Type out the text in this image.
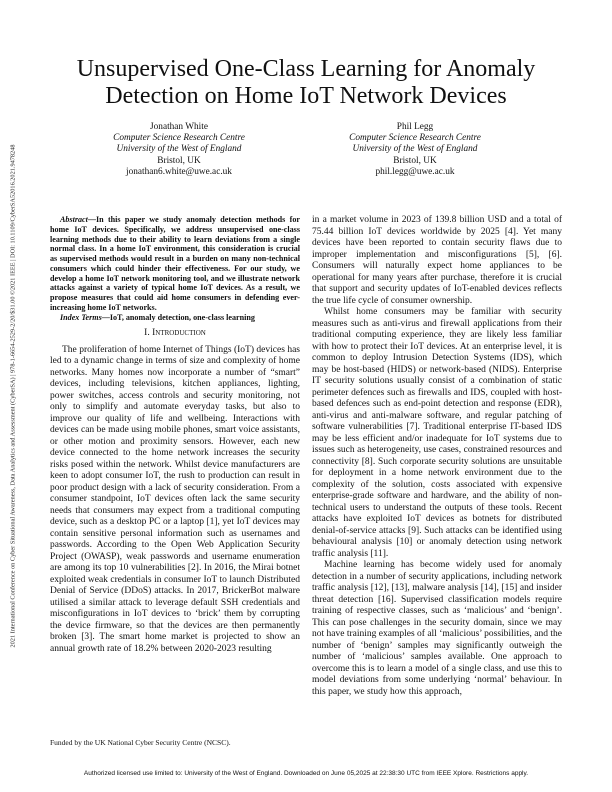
2021 International Conference on Cyber Situational Awareness, Data Analytics and Assessment (CyberSA) | 978-1-6654-2529-2/20/$31.00 ©2021 IEEE | DOI: 10.1109/CyberSA52016.2021.9478248
Unsupervised One-Class Learning for Anomaly
Detection on Home IoT Network Devices
Jonathan White
Computer Science Research Centre
University of the West of England
Bristol, UK
jonathan6.white@uwe.ac.uk
Phil Legg
Computer Science Research Centre
University of the West of England
Bristol, UK
phil.legg@uwe.ac.uk
Abstract—In this paper we study anomaly detection methods for home IoT devices. Specifically, we address unsupervised one-class learning methods due to their ability to learn deviations from a single normal class. In a home IoT environment, this consideration is crucial as supervised methods would result in a burden on many non-technical consumers which could hinder their effectiveness. For our study, we develop a home IoT network monitoring tool, and we illustrate network attacks against a variety of typical home IoT devices. As a result, we propose measures that could aid home consumers in defending ever-increasing home IoT networks.
Index Terms—IoT, anomaly detection, one-class learning
I. Introduction

The proliferation of home Internet of Things (IoT) devices has led to a dynamic change in terms of size and complexity of home networks. Many homes now incorporate a number of “smart” devices, including televisions, kitchen appliances, lighting, power switches, access controls and security monitoring, not only to simplify and automate everyday tasks, but also to improve our quality of life and wellbeing. Interactions with devices can be made using mobile phones, smart voice assistants, or other motion and proximity sensors. However, each new device connected to the home network increases the security risks posed within the network. Whilst device manufacturers are keen to adopt consumer IoT, the rush to production can result in poor product design with a lack of security consideration. From a consumer standpoint, IoT devices often lack the same security needs that consumers may expect from a traditional computing device, such as a desktop PC or a laptop [1], yet IoT devices may contain sensitive personal information such as usernames and passwords. According to the Open Web Application Security Project (OWASP), weak passwords and username enumeration are among its top 10 vulnerabilities [2]. In 2016, the Mirai botnet exploited weak credentials in consumer IoT to launch Distributed Denial of Service (DDoS) attacks. In 2017, BrickerBot malware utilised a similar attack to leverage default SSH credentials and misconfigurations in IoT devices to ‘brick’ them by corrupting the device firmware, so that the devices are then permanently broken [3]. The smart home market is projected to show an annual growth rate of 18.2% between 2020-2023 resulting

in a market volume in 2023 of 139.8 billion USD and a total of 75.44 billion IoT devices worldwide by 2025 [4]. Yet many devices have been reported to contain security flaws due to improper implementation and misconfigurations [5], [6]. Consumers will naturally expect home appliances to be operational for many years after purchase, therefore it is crucial that support and security updates of IoT-enabled devices reflects the true life cycle of consumer ownership.

Whilst home consumers may be familiar with security measures such as anti-virus and firewall applications from their traditional computing experience, they are likely less familiar with how to protect their IoT devices. At an enterprise level, it is common to deploy Intrusion Detection Systems (IDS), which may be host-based (HIDS) or network-based (NIDS). Enterprise IT security solutions usually consist of a combination of static perimeter defences such as firewalls and IDS, coupled with host-based defences such as end-point detection and response (EDR), anti-virus and anti-malware software, and regular patching of software vulnerabilities [7]. Traditional enterprise IT-based IDS may be less efficient and/or inadequate for IoT systems due to issues such as heterogeneity, use cases, constrained resources and connectivity [8]. Such corporate security solutions are unsuitable for deployment in a home network environment due to the complexity of the solution, costs associated with expensive enterprise-grade software and hardware, and the ability of non-technical users to understand the outputs of these tools. Recent attacks have exploited IoT devices as botnets for distributed denial-of-service attacks [9]. Such attacks can be identified using behavioural analysis [10] or anomaly detection using network traffic analysis [11].

Machine learning has become widely used for anomaly detection in a number of security applications, including network traffic analysis [12], [13], malware analysis [14], [15] and insider threat detection [16]. Supervised classification models require training of respective classes, such as ‘malicious’ and ‘benign’. This can pose challenges in the security domain, since we may not have training examples of all ‘malicious’ possibilities, and the number of ‘benign’ samples may significantly outweigh the number of ‘malicious’ samples available. One approach to overcome this is to learn a model of a single class, and use this to model deviations from some underlying ‘normal’ behaviour. In this paper, we study how this approach,

Funded by the UK National Cyber Security Centre (NCSC).
Authorized licensed use limited to: University of the West of England. Downloaded on June 05,2025 at 22:38:30 UTC from IEEE Xplore. Restrictions apply.
